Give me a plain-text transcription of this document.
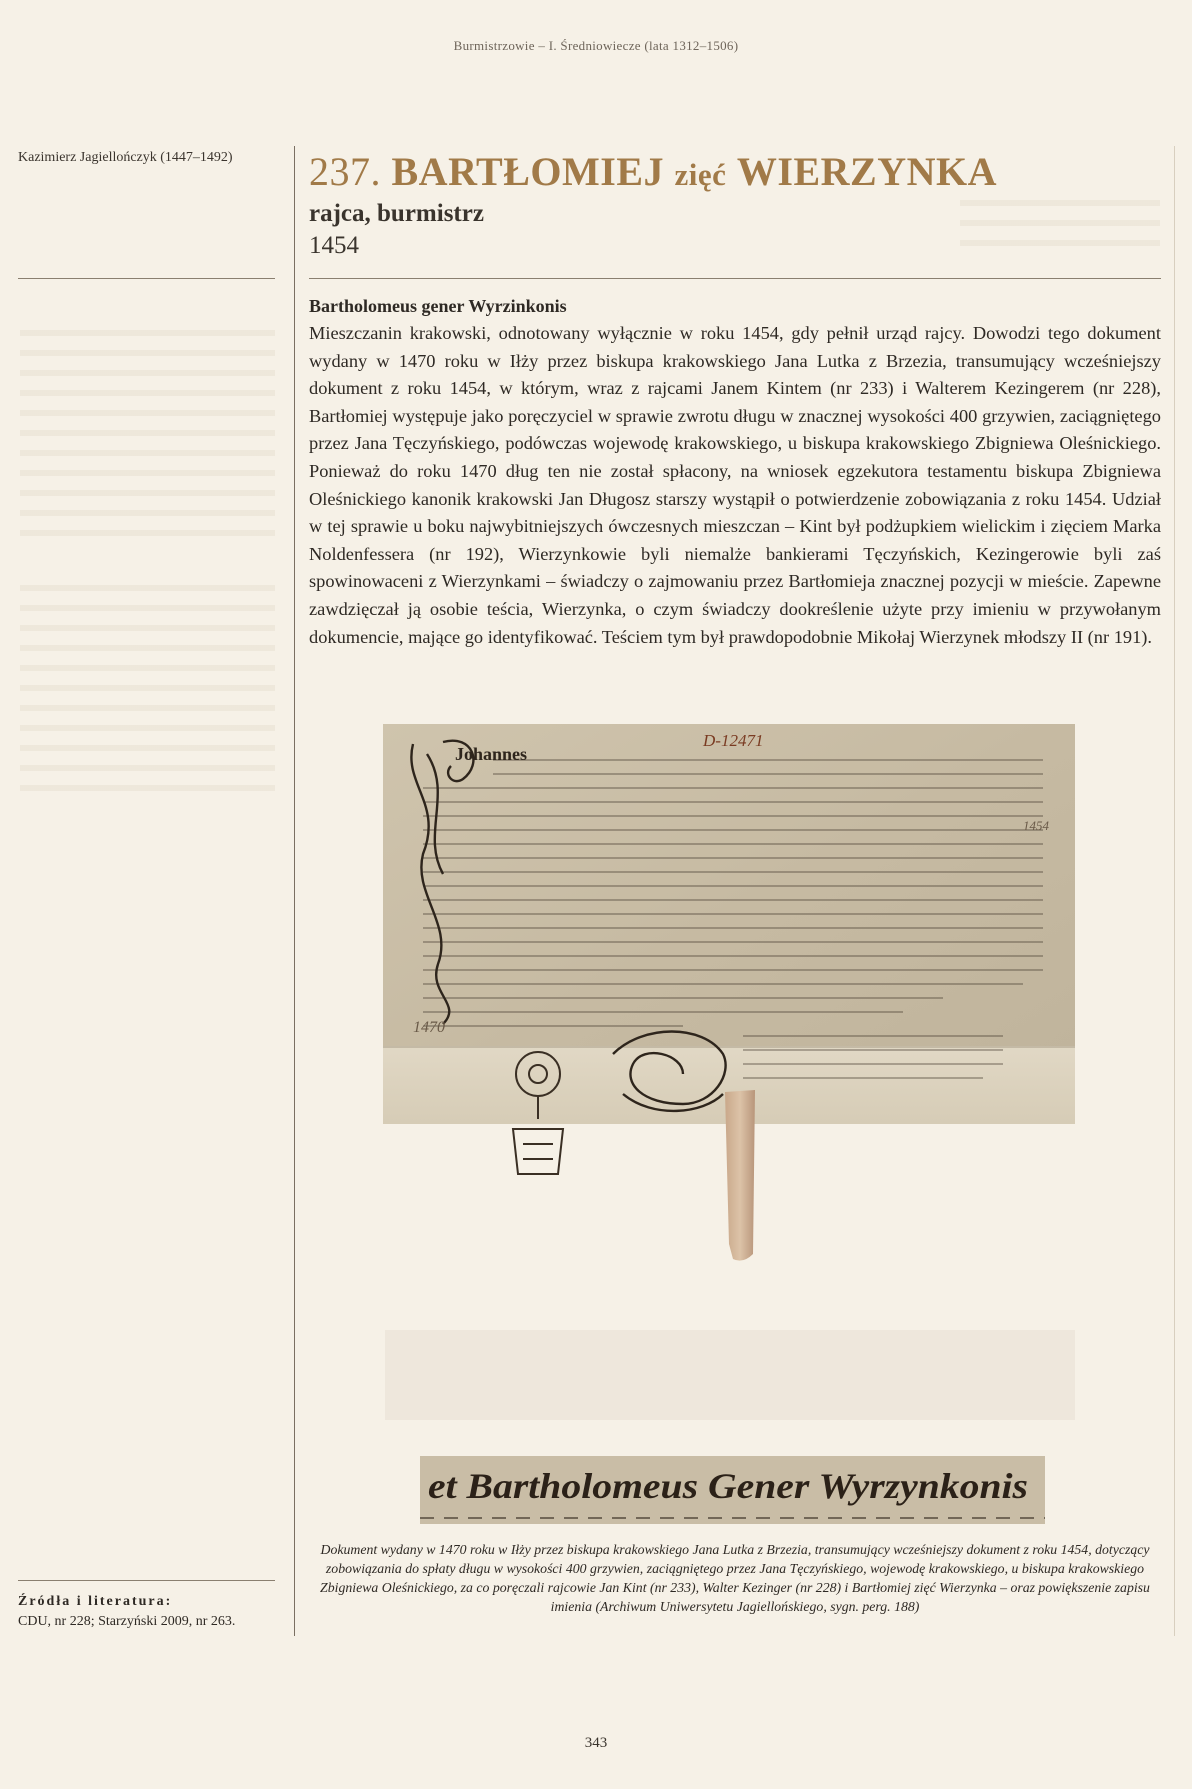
Burmistrzowie – I. Średniowiecze (lata 1312–1506)
Kazimierz Jagiellończyk (1447–1492)	237. BARTŁOMIEJ zięć WIERZYNKA
rajca, burmistrz
1454
Bartholomeus gener Wyrzinkonis
Mieszczanin krakowski, odnotowany wyłącznie w roku 1454, gdy pełnił urząd rajcy. Dowodzi tego dokument wydany w 1470 roku w Iłży przez biskupa krakowskiego Jana Lutka z Brzezia, transumujący wcześniejszy dokument z roku 1454, w którym, wraz z rajcami Janem Kintem (nr 233) i Walterem Kezingerem (nr 228), Bartłomiej występuje jako poręczyciel w sprawie zwrotu długu w znacznej wysokości 400 grzywien, zaciągniętego przez Jana Tęczyńskiego, podówczas wojewodę krakowskiego, u biskupa krakowskiego Zbigniewa Oleśnickiego. Ponieważ do roku 1470 dług ten nie został spłacony, na wniosek egzekutora testamentu biskupa Zbigniewa Oleśnickiego kanonik krakowski Jan Długosz starszy wystąpił o potwierdzenie zobowiązania z roku 1454. Udział w tej sprawie u boku najwybitniejszych ówczesnych mieszczan – Kint był podżupkiem wielickim i zięciem Marka Noldenfessera (nr 192), Wierzynkowie byli niemalże bankierami Tęczyńskich, Kezingerowie byli zaś spowinowaceni z Wierzynkami – świadczy o zajmowaniu przez Bartłomieja znacznej pozycji w mieście. Zapewne zawdzięczał ją osobie teścia, Wierzynka, o czym świadczy dookreślenie użyte przy imieniu w przywołanym dokumencie, mające go identyfikować. Teściem tym był prawdopodobnie Mikołaj Wierzynek młodszy II (nr 191).
Johannes
D-12471
1454
1470
et Bartholomeus Gener Wyrzynkonis
Dokument wydany w 1470 roku w Iłży przez biskupa krakowskiego Jana Lutka z Brzezia, transumujący wcześniejszy dokument z roku 1454, dotyczący zobowiązania do spłaty długu w wysokości 400 grzywien, zaciągniętego przez Jana Tęczyńskiego, wojewodę krakowskiego, u biskupa krakowskiego Zbigniewa Oleśnickiego, za co poręczali rajcowie Jan Kint (nr 233), Walter Kezinger (nr 228) i Bartłomiej zięć Wierzynka – oraz powiększenie zapisu imienia (Archiwum Uniwersytetu Jagiellońskiego, sygn. perg. 188)
Źródła i literatura:
CDU, nr 228; Starzyński 2009, nr 263.
343
